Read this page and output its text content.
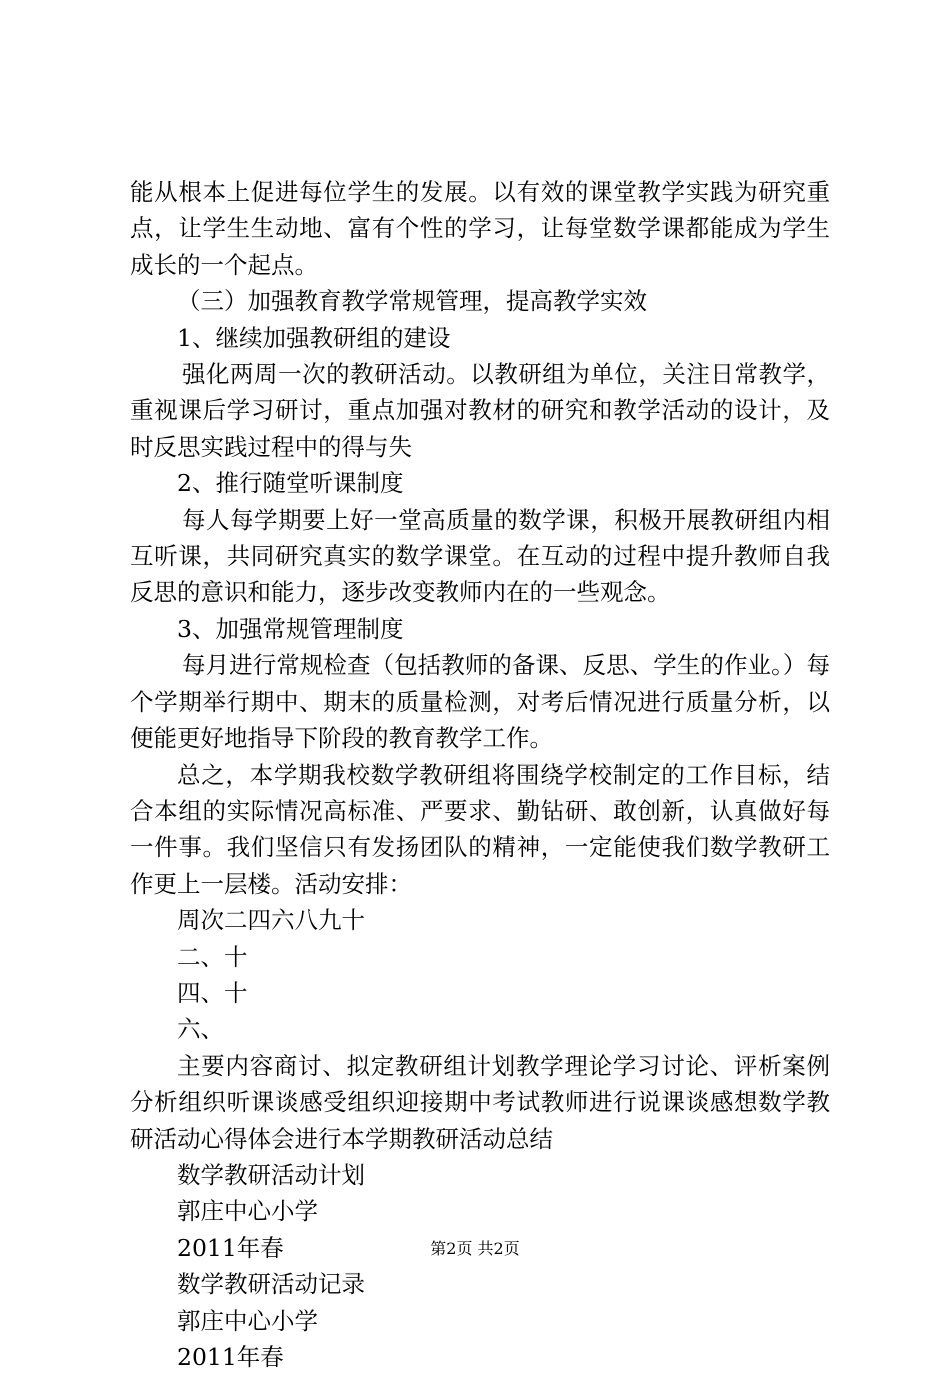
能从根本上促进每位学生的发展。以有效的课堂教学实践为研究重点，让学生生动地、富有个性的学习，让每堂数学课都能成为学生成长的一个起点。

（三）加强教育教学常规管理，提高教学实效

1、继续加强教研组的建设

强化两周一次的教研活动。以教研组为单位，关注日常教学，重视课后学习研讨，重点加强对教材的研究和教学活动的设计，及时反思实践过程中的得与失

2、推行随堂听课制度

每人每学期要上好一堂高质量的数学课，积极开展教研组内相互听课，共同研究真实的数学课堂。在互动的过程中提升教师自我反思的意识和能力，逐步改变教师内在的一些观念。

3、加强常规管理制度

每月进行常规检查（包括教师的备课、反思、学生的作业。）每个学期举行期中、期末的质量检测，对考后情况进行质量分析，以便能更好地指导下阶段的教育教学工作。

总之，本学期我校数学教研组将围绕学校制定的工作目标，结合本组的实际情况高标准、严要求、勤钻研、敢创新，认真做好每一件事。我们坚信只有发扬团队的精神，一定能使我们数学教研工作更上一层楼。活动安排：

周次二四六八九十

二、十

四、十

六、

主要内容商讨、拟定教研组计划教学理论学习讨论、评析案例分析组织听课谈感受组织迎接期中考试教师进行说课谈感想数学教研活动心得体会进行本学期教研活动总结

数学教研活动计划

郭庄中心小学

2011年春

数学教研活动记录

郭庄中心小学

2011年春

第2页 共2页
